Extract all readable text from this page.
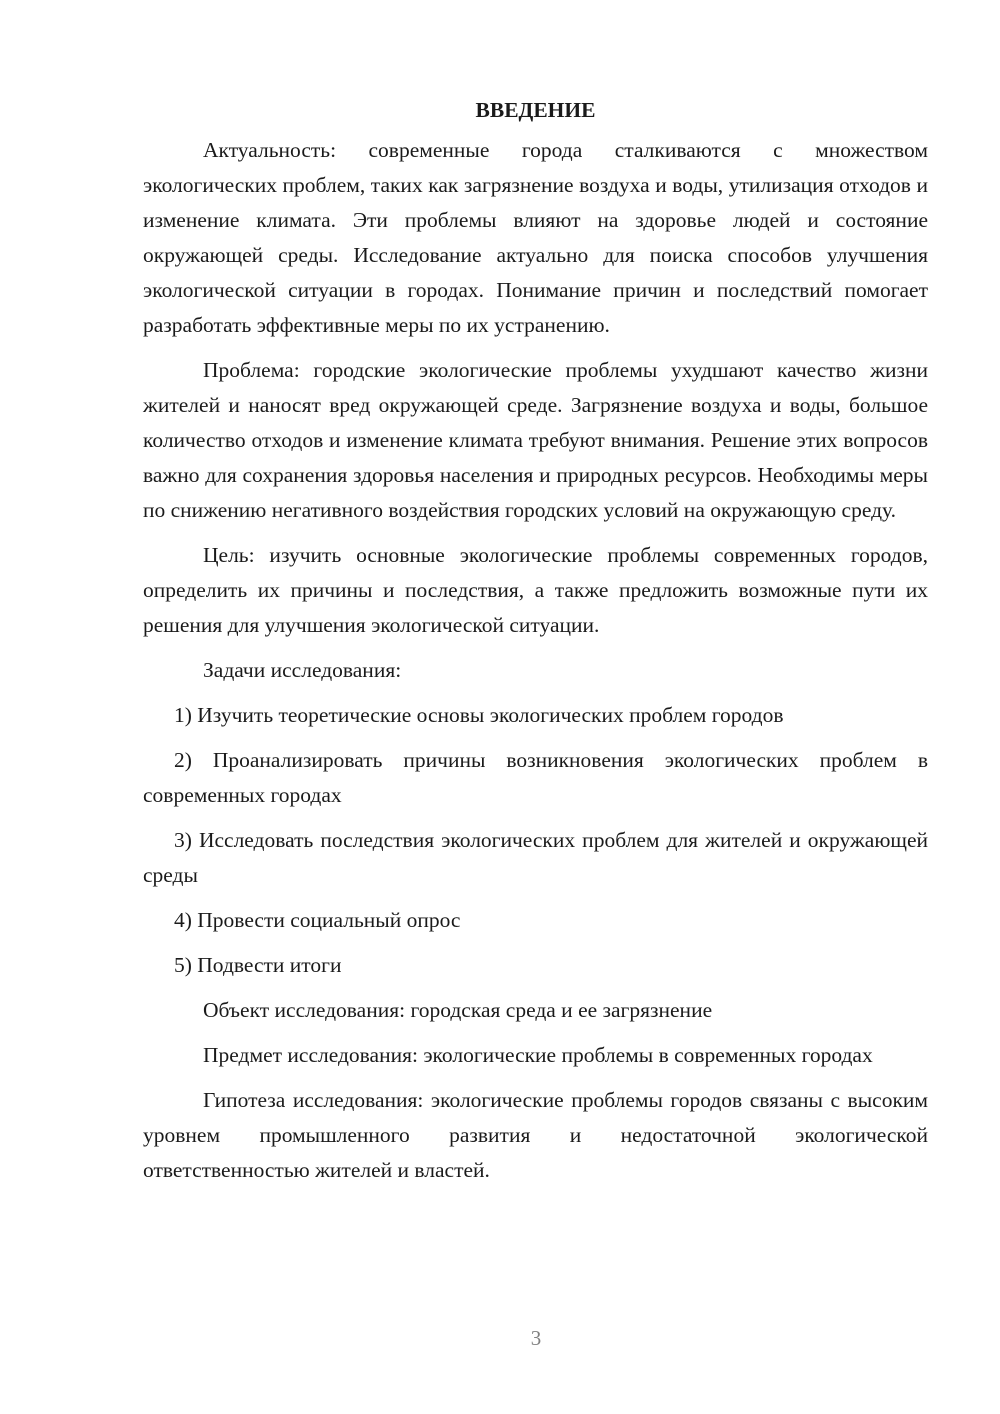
ВВЕДЕНИЕ

Актуальность: современные города сталкиваются с множеством экологических проблем, таких как загрязнение воздуха и воды, утилизация отходов и изменение климата. Эти проблемы влияют на здоровье людей и состояние окружающей среды. Исследование актуально для поиска способов улучшения экологической ситуации в городах. Понимание причин и последствий помогает разработать эффективные меры по их устранению.

Проблема: городские экологические проблемы ухудшают качество жизни жителей и наносят вред окружающей среде. Загрязнение воздуха и воды, большое количество отходов и изменение климата требуют внимания. Решение этих вопросов важно для сохранения здоровья населения и природных ресурсов. Необходимы меры по снижению негативного воздействия городских условий на окружающую среду.

Цель: изучить основные экологические проблемы современных городов, определить их причины и последствия, а также предложить возможные пути их решения для улучшения экологической ситуации.

Задачи исследования:

1) Изучить теоретические основы экологических проблем городов

2) Проанализировать причины возникновения экологических проблем в современных городах

3) Исследовать последствия экологических проблем для жителей и окружающей среды

4) Провести социальный опрос

5) Подвести итоги

Объект исследования: городская среда и ее загрязнение

Предмет исследования: экологические проблемы в современных городах

Гипотеза исследования: экологические проблемы городов связаны с высоким уровнем промышленного развития и недостаточной экологической ответственностью жителей и властей.

3
